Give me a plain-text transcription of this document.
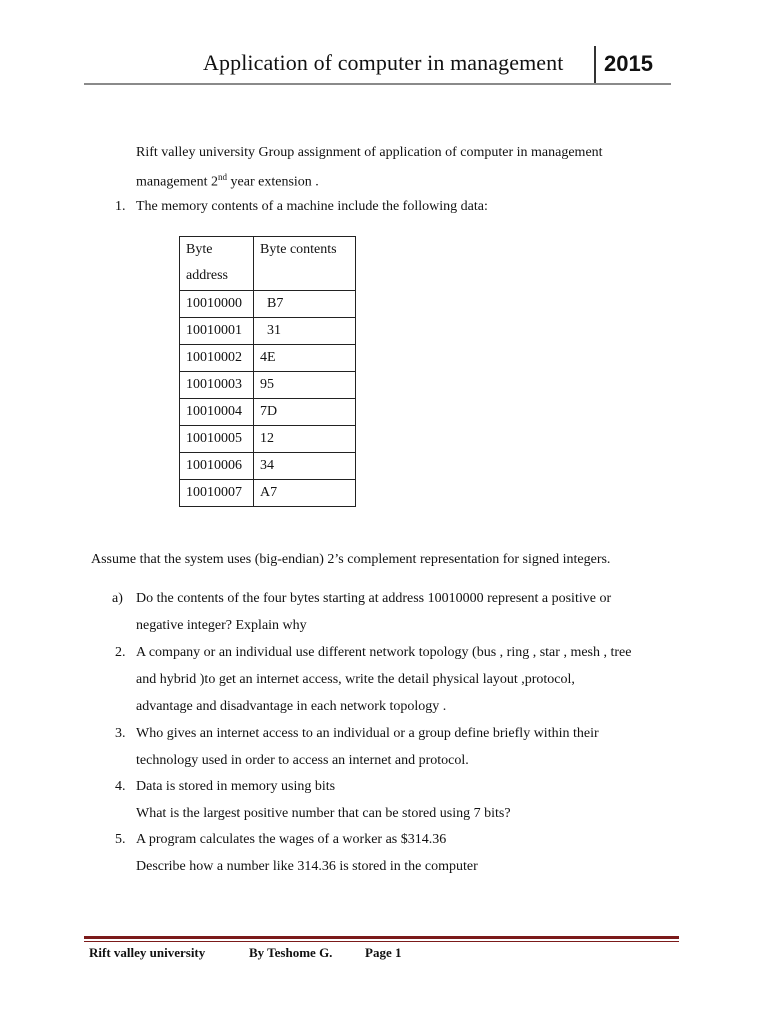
Application of computer in management 2015
Rift valley university Group assignment of application of computer in management
management 2nd year extension .
1. The memory contents of a machine include the following data:
Byte
address	Byte contents
10010000	B7
10010001	31
10010002	4E
10010003	95
10010004	7D
10010005	12
10010006	34
10010007	A7
Assume that the system uses (big-endian) 2’s complement representation for signed integers.
a) Do the contents of the four bytes starting at address 10010000 represent a positive or
negative integer? Explain why
2. A company or an individual use different network topology (bus , ring , star , mesh , tree
and hybrid )to get an internet access, write the detail physical layout ,protocol,
advantage and disadvantage in each network topology .
3. Who gives an internet access to an individual or a group define briefly within their
technology used in order to access an internet and protocol.
4. Data is stored in memory using bits
What is the largest positive number that can be stored using 7 bits?
5. A program calculates the wages of a worker as $314.36
Describe how a number like 314.36 is stored in the computer
Rift valley university	By Teshome G.	Page 1
